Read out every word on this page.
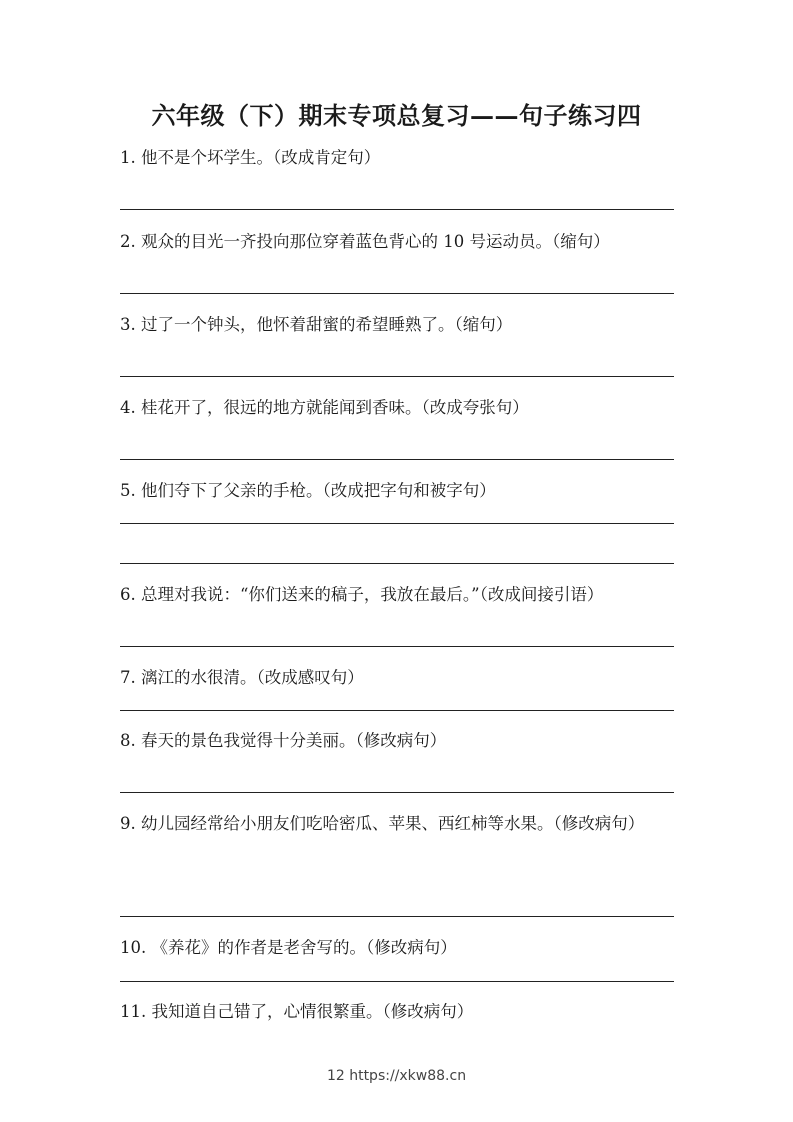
六年级（下）期末专项总复习——句子练习四
1. 他不是个坏学生。（改成肯定句）
2. 观众的目光一齐投向那位穿着蓝色背心的 10 号运动员。（缩句）
3. 过了一个钟头，他怀着甜蜜的希望睡熟了。（缩句）
4. 桂花开了，很远的地方就能闻到香味。（改成夸张句）
5. 他们夺下了父亲的手枪。（改成把字句和被字句）
6. 总理对我说：“你们送来的稿子，我放在最后。”（改成间接引语）
7. 漓江的水很清。（改成感叹句）
8. 春天的景色我觉得十分美丽。（修改病句）
9. 幼儿园经常给小朋友们吃哈密瓜、苹果、西红柿等水果。（修改病句）
10. 《养花》的作者是老舍写的。（修改病句）
11. 我知道自己错了，心情很繁重。（修改病句）
12 https://xkw88.cn
